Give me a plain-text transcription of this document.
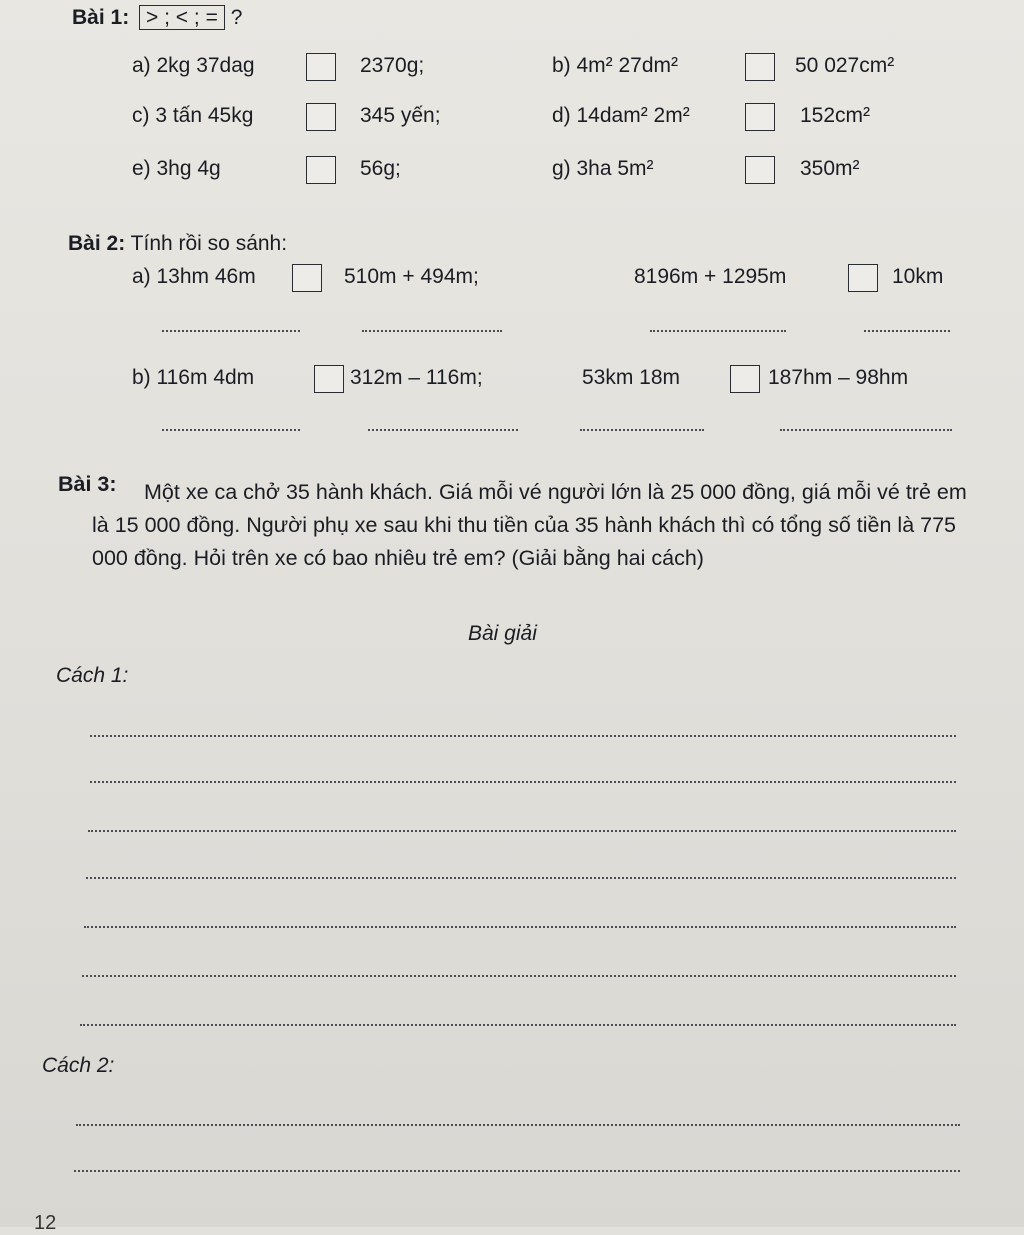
Bài 1: > ; < ; = ?
a) 2kg 37dag	2370g;	b) 4m² 27dm²	50 027cm²
c) 3 tấn 45kg	345 yến;	d) 14dam² 2m²	152cm²
e) 3hg 4g	56g;	g) 3ha 5m²	350m²
Bài 2: Tính rồi so sánh:
a) 13hm 46m	510m + 494m;	8196m + 1295m	10km
b) 116m 4dm	312m – 116m;	53km 18m	187hm – 98hm
Bài 3:	Một xe ca chở 35 hành khách. Giá mỗi vé người lớn là 25 000 đồng, giá mỗi vé trẻ em là 15 000 đồng. Người phụ xe sau khi thu tiền của 35 hành khách thì có tổng số tiền là 775 000 đồng. Hỏi trên xe có bao nhiêu trẻ em? (Giải bằng hai cách)
Bài giải
Cách 1:
Cách 2:
12
